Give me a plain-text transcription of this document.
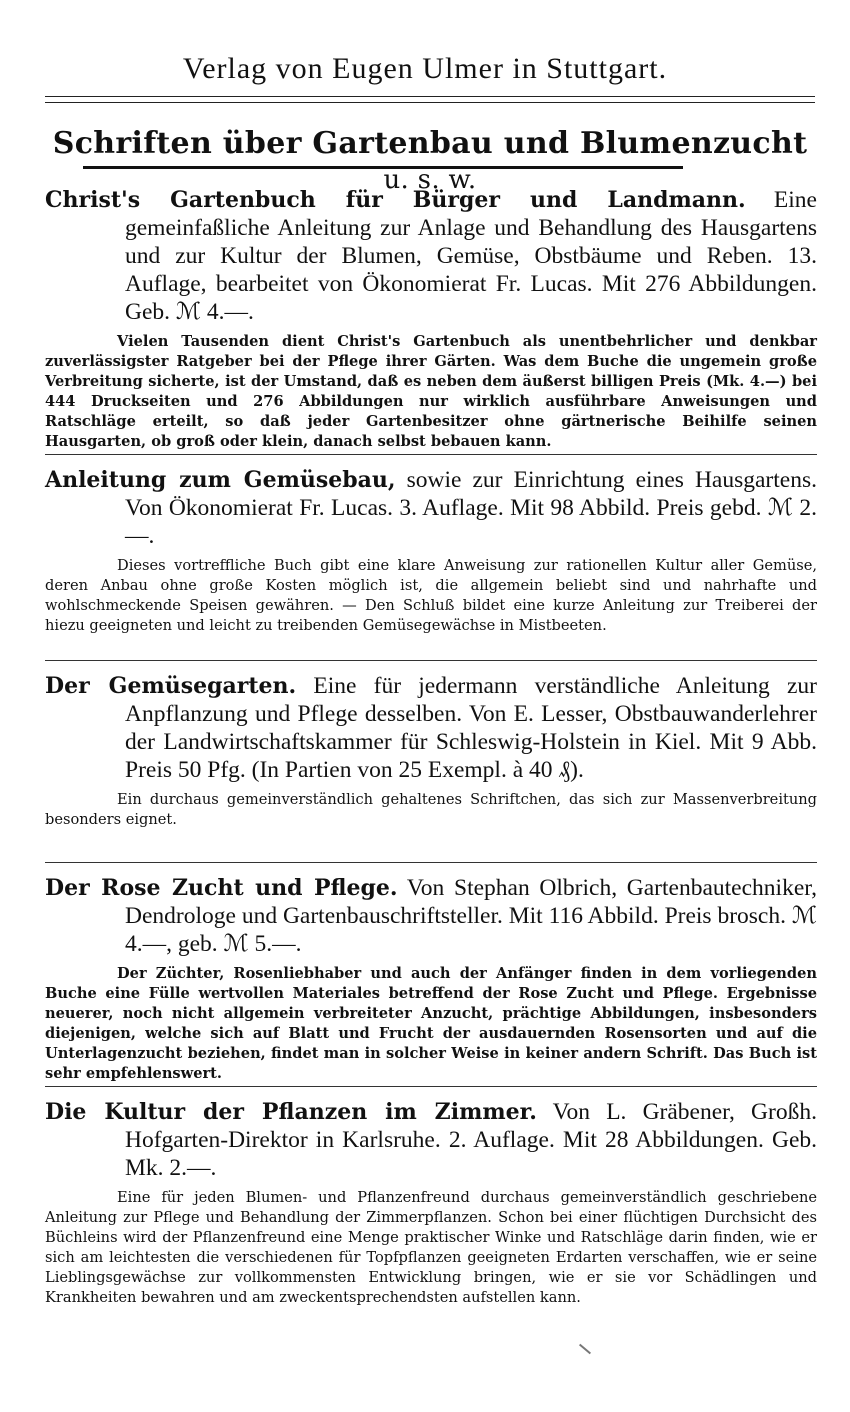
Verlag von Eugen Ulmer in Stuttgart.
Schriften über Gartenbau und Blumenzucht u. s. w.
Christ's Gartenbuch für Bürger und Landmann. Eine gemeinfaßliche Anleitung zur Anlage und Behandlung des Hausgartens und zur Kultur der Blumen, Gemüse, Obstbäume und Reben. 13. Auflage, bearbeitet von Ökonomierat Fr. Lucas. Mit 276 Abbildungen. Geb. ℳ 4.—.
Vielen Tausenden dient Christ's Gartenbuch als unentbehrlicher und denkbar zuverlässigster Ratgeber bei der Pflege ihrer Gärten. Was dem Buche die ungemein große Verbreitung sicherte, ist der Umstand, daß es neben dem äußerst billigen Preis (Mk. 4.—) bei 444 Druckseiten und 276 Abbildungen nur wirklich ausführbare Anweisungen und Ratschläge erteilt, so daß jeder Gartenbesitzer ohne gärtnerische Beihilfe seinen Hausgarten, ob groß oder klein, danach selbst bebauen kann.
Anleitung zum Gemüsebau, sowie zur Einrichtung eines Hausgartens. Von Ökonomierat Fr. Lucas. 3. Auflage. Mit 98 Abbild. Preis gebd. ℳ 2.—.
Dieses vortreffliche Buch gibt eine klare Anweisung zur rationellen Kultur aller Gemüse, deren Anbau ohne große Kosten möglich ist, die allgemein beliebt sind und nahrhafte und wohlschmeckende Speisen gewähren. — Den Schluß bildet eine kurze Anleitung zur Treiberei der hiezu geeigneten und leicht zu treibenden Gemüsegewächse in Mistbeeten.
Der Gemüsegarten. Eine für jedermann verständliche Anleitung zur Anpflanzung und Pflege desselben. Von E. Lesser, Obstbauwanderlehrer der Landwirtschaftskammer für Schleswig-Holstein in Kiel. Mit 9 Abb. Preis 50 Pfg. (In Partien von 25 Exempl. à 40 ₰).
Ein durchaus gemeinverständlich gehaltenes Schriftchen, das sich zur Massenverbreitung besonders eignet.
Der Rose Zucht und Pflege. Von Stephan Olbrich, Gartenbautechniker, Dendrologe und Gartenbauschriftsteller. Mit 116 Abbild. Preis brosch. ℳ 4.—, geb. ℳ 5.—.
Der Züchter, Rosenliebhaber und auch der Anfänger finden in dem vorliegenden Buche eine Fülle wertvollen Materiales betreffend der Rose Zucht und Pflege. Ergebnisse neuerer, noch nicht allgemein verbreiteter Anzucht, prächtige Abbildungen, insbesonders diejenigen, welche sich auf Blatt und Frucht der ausdauernden Rosensorten und auf die Unterlagenzucht beziehen, findet man in solcher Weise in keiner andern Schrift. Das Buch ist sehr empfehlenswert.
Die Kultur der Pflanzen im Zimmer. Von L. Gräbener, Großh. Hofgarten-Direktor in Karlsruhe. 2. Auflage. Mit 28 Abbildungen. Geb. Mk. 2.—.
Eine für jeden Blumen- und Pflanzenfreund durchaus gemeinverständlich geschriebene Anleitung zur Pflege und Behandlung der Zimmerpflanzen. Schon bei einer flüchtigen Durchsicht des Büchleins wird der Pflanzenfreund eine Menge praktischer Winke und Ratschläge darin finden, wie er sich am leichtesten die verschiedenen für Topfpflanzen geeigneten Erdarten verschaffen, wie er seine Lieblingsgewächse zur vollkommensten Entwicklung bringen, wie er sie vor Schädlingen und Krankheiten bewahren und am zweckentsprechendsten aufstellen kann.
